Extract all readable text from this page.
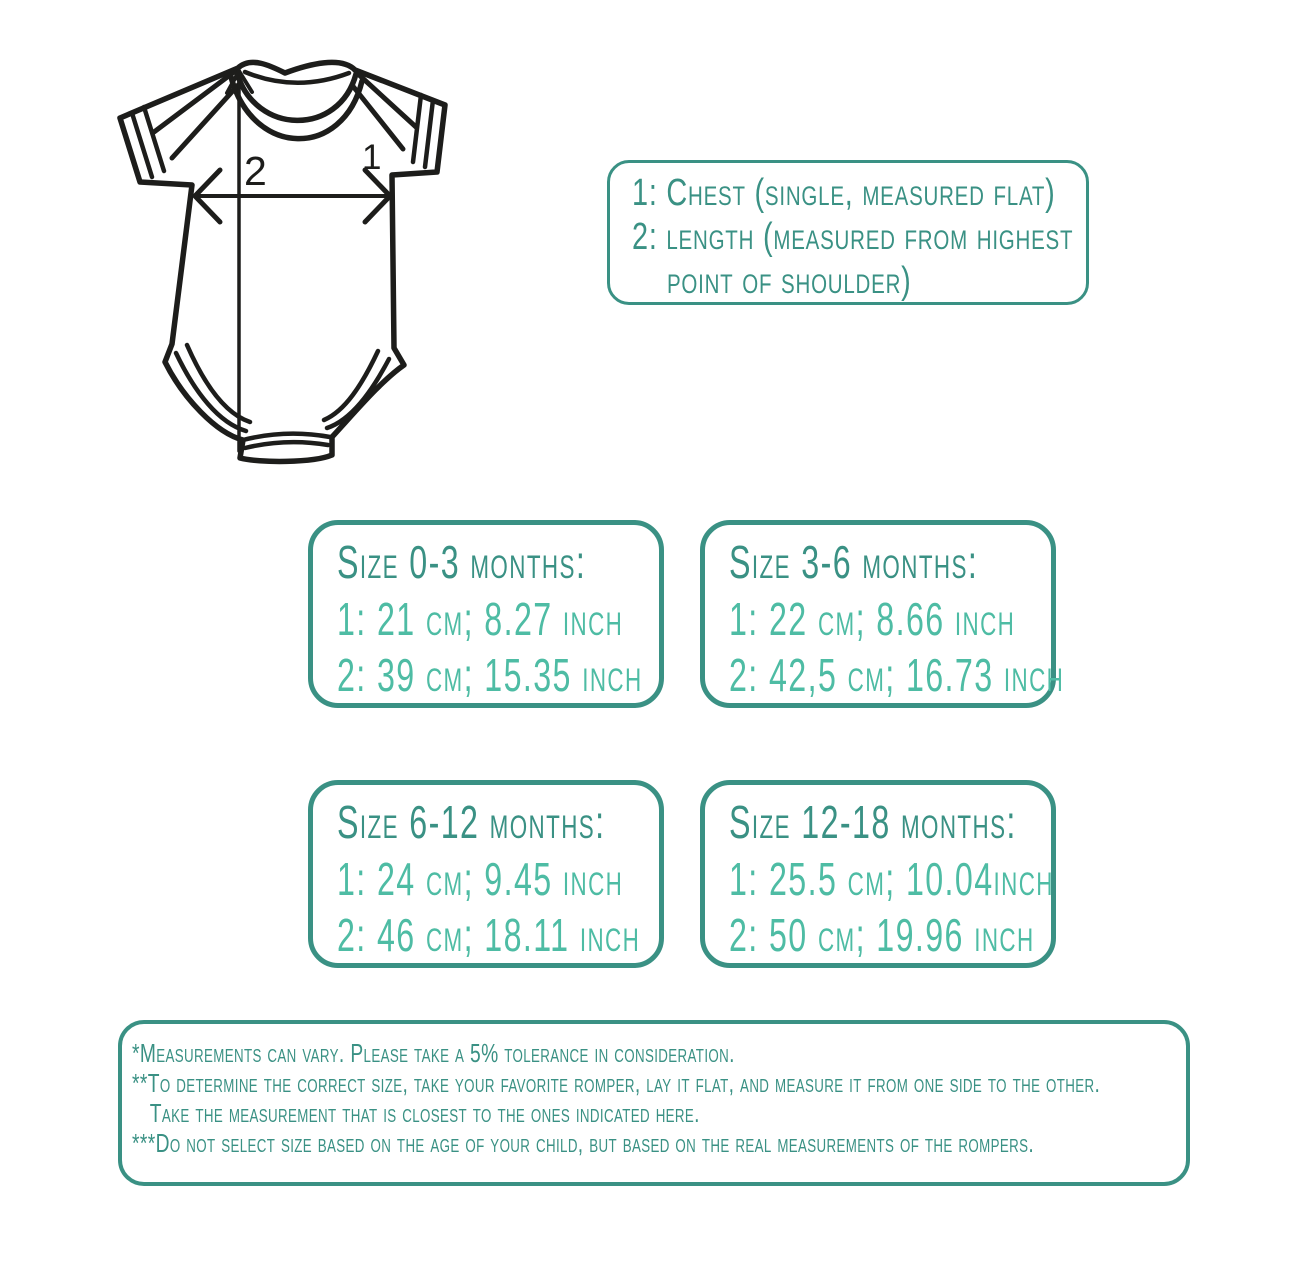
2	1
1: Chest (single, measured flat)
2: length (measured from highest
point of shoulder)
Size 0-3 months:
1: 21 cm; 8.27 inch
2: 39 cm; 15.35 inch
Size 3-6 months:
1: 22 cm; 8.66 inch
2: 42,5 cm; 16.73 inch
Size 6-12 months:
1: 24 cm; 9.45 inch
2: 46 cm; 18.11 inch
Size 12-18 months:
1: 25.5 cm; 10.04inch
2: 50 cm; 19.96 inch
*Measurements can vary. Please take a 5% tolerance in consideration.
**To determine the correct size, take your favorite romper, lay it flat, and measure it from one side to the other.
Take the measurement that is closest to the ones indicated here.
***Do not select size based on the age of your child, but based on the real measurements of the rompers.
